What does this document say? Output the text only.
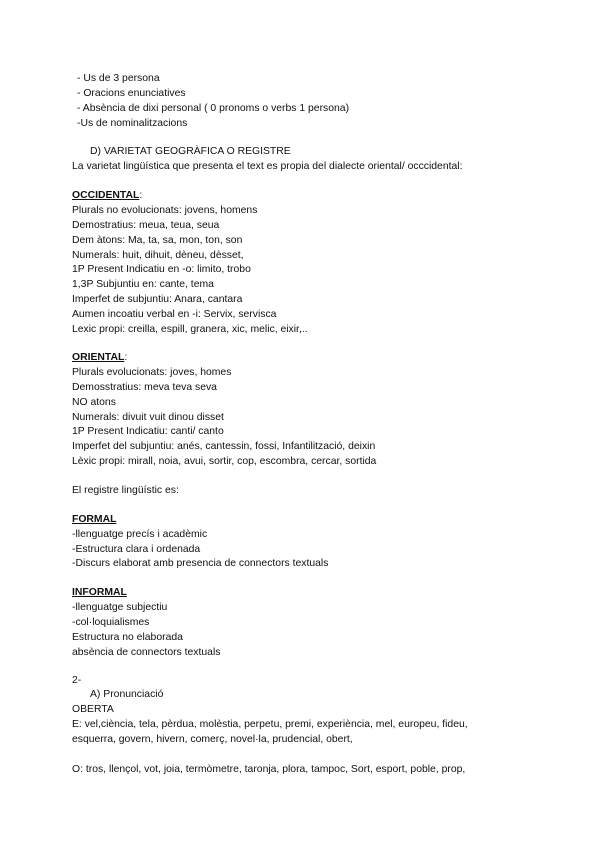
- Us de 3 persona
- Oracions enunciatives
- Absència de dixi personal ( 0 pronoms o verbs 1 persona)
-Us de nominalitzacions
D) VARIETAT GEOGRÀFICA O REGISTRE
La varietat lingüística que presenta el text es propia del dialecte oriental/ occcidental:
OCCIDENTAL:
Plurals no evolucionats: jovens, homens
Demostratius: meua, teua, seua
Dem àtons: Ma, ta, sa, mon, ton, son
Numerals: huit, dihuit, dèneu, dèsset,
1P Present Indicatiu en -o: limito, trobo
1,3P Subjuntiu en: cante, tema
Imperfet de subjuntiu: Anara, cantara
Aumen incoatiu verbal en -i: Servix, servisca
Lexic propi: creilla, espill, granera, xic, melic, eixir,..
ORIENTAL:
Plurals evolucionats: joves, homes
Demosstratius: meva teva seva
NO atons
Numerals: divuit vuit dinou disset
1P Present Indicatiu: canti/ canto
Imperfet del subjuntiu: anés, cantessin, fossi, Infantilització, deixin
Lèxic propi: mirall, noia, avui, sortir, cop, escombra, cercar, sortida
El registre lingüístic es:
FORMAL
-llenguatge precís i acadèmic
-Estructura clara i ordenada
-Discurs elaborat amb presencia de connectors textuals
INFORMAL
-llenguatge subjectiu
-col·loquialismes
Estructura no elaborada
absència de connectors textuals
2-
A) Pronunciació
OBERTA
E: vel,ciència, tela, pèrdua, molèstia, perpetu, premi, experiència, mel, europeu, fideu,
esquerra, govern, hivern, comerç, novel·la, prudencial, obert,
O: tros, llençol, vot, joia, termòmetre, taronja, plora, tampoc, Sort, esport, poble, prop,
